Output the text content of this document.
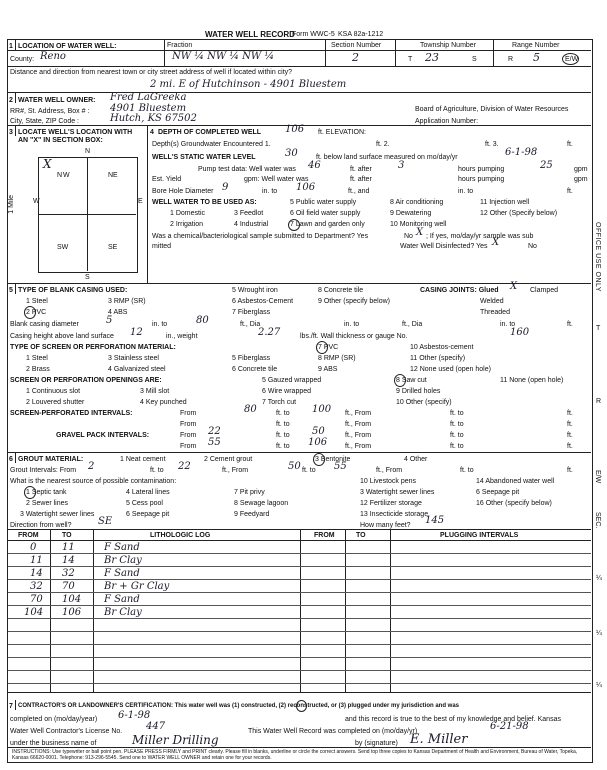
WATER WELL RECORD
Form WWC-5 KSA 82a-1212
1 LOCATION OF WATER WELL:	Fraction	Section Number	Township Number	Range Number
County: Reno	NW ¼ NW ¼ NW ¼	2	T 23	S	R 5	E/W
Distance and direction from nearest town or city street address of well if located within city?
2 mi. E of Hutchinson - 4901 Bluestem
2 WATER WELL OWNER: Fred LaGreeka
RR#, St. Address, Box # : 4901 Bluestem	Board of Agriculture, Division of Water Resources
City, State, ZIP Code :	Hutch, KS 67502	Application Number:
3 LOCATE WELL'S LOCATION WITH
AN "X" IN SECTION BOX:
N
S
W	E
NW	NE
SW	SE
X
1 Mile
4 DEPTH OF COMPLETED WELL 106 ft. ELEVATION:
Depth(s) Groundwater Encountered 1.	ft. 2.	ft. 3.	ft.
WELL'S STATIC WATER LEVEL	30	ft. below land surface measured on mo/day/yr	6-1-98
Pump test data: Well water was 46	ft. after	3	hours pumping	25	gpm
Est. Yield	gpm: Well water was	ft. after	hours pumping	gpm
Bore Hole Diameter 9	in. to 106	ft., and	in. to	ft.
WELL WATER TO BE USED AS:	5 Public water supply	8 Air conditioning	11 Injection well
1 Domestic	3 Feedlot	6 Oil field water supply	9 Dewatering	12 Other (Specify below)
2 Irrigation	4 Industrial	7 Lawn and garden only	10 Monitoring well
Was a chemical/bacteriological sample submitted to Department? Yes	No X ; If yes, mo/day/yr sample was sub
mitted	Water Well Disinfected? Yes X	No
5 TYPE OF BLANK CASING USED:	5 Wrought iron	8 Concrete tile	CASING JOINTS: Glued X Clamped
1 Steel	3 RMP (SR)	6 Asbestos-Cement	9 Other (specify below)	Welded
2 PVC	4 ABS	7 Fiberglass	Threaded
Blank casing diameter	5	in. to	80	ft., Dia	in. to	ft., Dia	in. to	ft.
Casing height above land surface 12	in., weight	2.27	lbs./ft. Wall thickness or gauge No.	160
TYPE OF SCREEN OR PERFORATION MATERIAL:	7 PVC	10 Asbestos-cement
1 Steel	3 Stainless steel	5 Fiberglass	8 RMP (SR)	11 Other (specify)
2 Brass	4 Galvanized steel	6 Concrete tile	9 ABS	12 None used (open hole)
SCREEN OR PERFORATION OPENINGS ARE:	5 Gauzed wrapped	8 Saw cut	11 None (open hole)
1 Continuous slot	3 Mill slot	6 Wire wrapped	9 Drilled holes
2 Louvered shutter	4 Key punched	7 Torch cut	10 Other (specify)
SCREEN-PERFORATED INTERVALS:	From	80	ft. to 100 ft., From	ft. to	ft.
From	ft. to	ft., From	ft. to	ft.
GRAVEL PACK INTERVALS:	From 22	ft. to 50	ft., From	ft. to	ft.
From 55	ft. to 106	ft., From	ft. to	ft.
6 GROUT MATERIAL:	1 Neat cement	2 Cement grout	3 Bentonite	4 Other
Grout Intervals: From 2	ft. to 22	ft., From	50 ft. to 55	ft., From	ft. to	ft.
What is the nearest source of possible contamination:	10 Livestock pens	14 Abandoned water well
1 Septic tank	4 Lateral lines	7 Pit privy	3 Watertight sewer lines	6 Seepage pit
2 Sewer lines	5 Cess pool	8 Sewage lagoon	12 Fertilizer storage	16 Other (specify below)
3 Watertight sewer lines	6 Seepage pit	9 Feedyard	13 Insecticide storage
Direction from well?	SE	How many feet? 145
FROM	TO	LITHOLOGIC LOG	FROM	TO	PLUGGING INTERVALS
0	11	F Sand
11 14	Br Clay
14 32	F Sand
32 70	Br + Gr Clay
70 104 F Sand
104 106 Br Clay
7 CONTRACTOR'S OR LANDOWNER'S CERTIFICATION: This water well was (1) constructed, (2) reconstructed, or (3) plugged under my jurisdiction and was
completed on (mo/day/year) 6-1-98	and this record is true to the best of my knowledge and belief. Kansas
Water Well Contractor's License No. 447	This Water Well Record was completed on (mo/day/yr)	6-21-98
under the business name of	Miller Drilling	by (signature) E. Miller
INSTRUCTIONS: Use typewriter or ball point pen. PLEASE PRESS FIRMLY and PRINT clearly. Please fill in blanks, underline or circle the correct answers. Send top three copies to Kansas Department of Health and Environment, Bureau of Water, Topeka, Kansas 66620-0001. Telephone: 913-296-5545. Send one to WATER WELL OWNER and retain one for your records.
OFFICE USE ONLY
T
R
E/W
SEC.
¼
¼
¼
